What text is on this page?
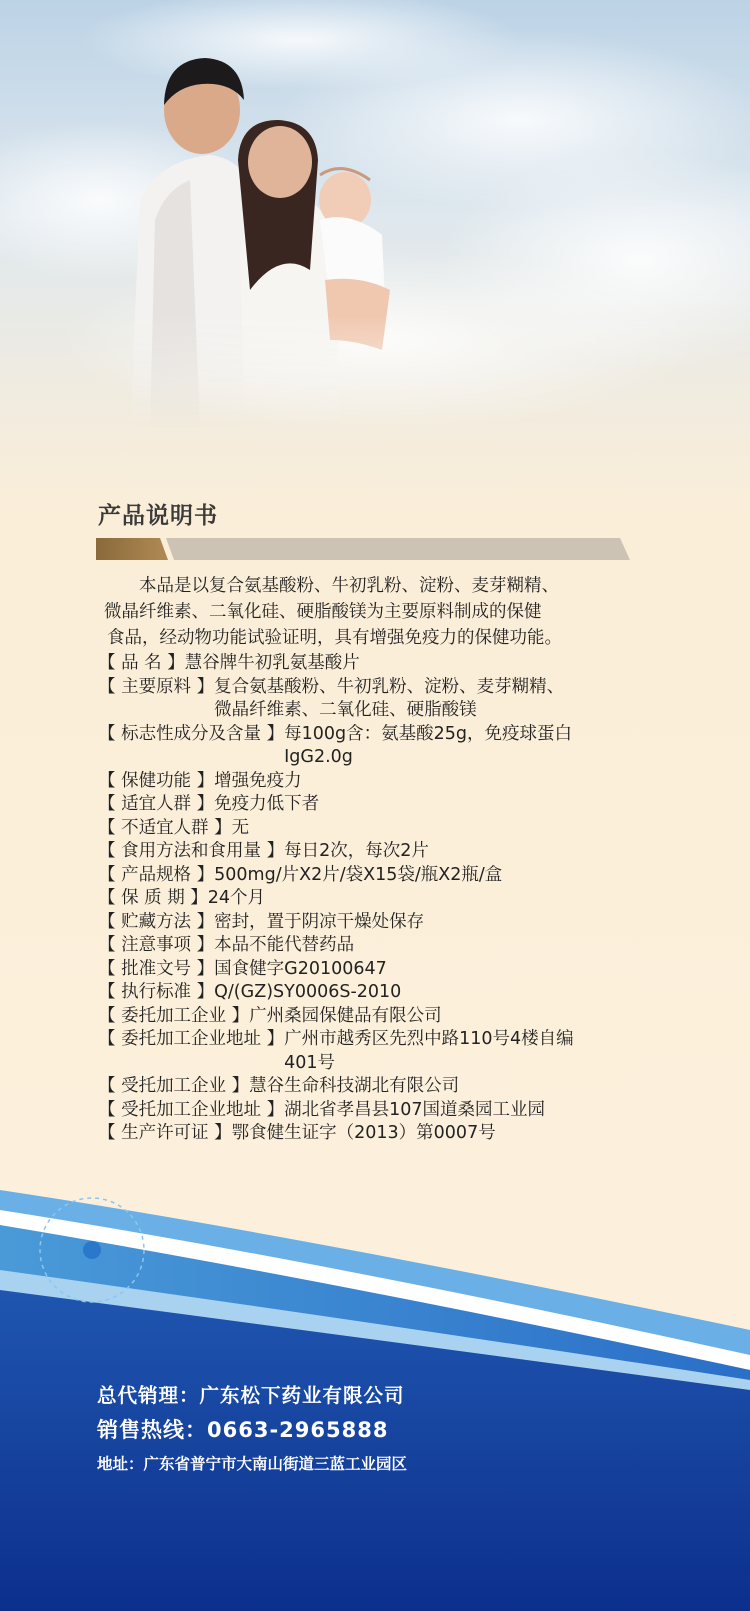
产品说明书

本品是以复合氨基酸粉、牛初乳粉、淀粉、麦芽糊精、

微晶纤维素、二氧化硅、硬脂酸镁为主要原料制成的保健

食品，经动物功能试验证明，具有增强免疫力的保健功能。

【 品 名 】 慧谷牌牛初乳氨基酸片
【 主要原料 】 复合氨基酸粉、牛初乳粉、淀粉、麦芽糊精、
微晶纤维素、二氧化硅、硬脂酸镁
【 标志性成分及含量 】 每100g含：氨基酸25g，免疫球蛋白
IgG2.0g
【 保健功能 】 增强免疫力
【 适宜人群 】 免疫力低下者
【 不适宜人群 】 无
【 食用方法和食用量 】 每日2次，每次2片
【 产品规格 】 500mg/片X2片/袋X15袋/瓶X2瓶/盒
【 保 质 期 】 24个月
【 贮藏方法 】 密封，置于阴凉干燥处保存
【 注意事项 】 本品不能代替药品
【 批准文号 】 国食健字G20100647
【 执行标准 】 Q/(GZ)SY0006S-2010
【 委托加工企业 】 广州桑园保健品有限公司
【 委托加工企业地址 】 广州市越秀区先烈中路110号4楼自编
401号
【 受托加工企业 】 慧谷生命科技湖北有限公司
【 受托加工企业地址 】 湖北省孝昌县107国道桑园工业园
【 生产许可证 】 鄂食健生证字（2013）第0007号
总代销理：广东松下药业有限公司
销售热线：0663-2965888
地址：广东省普宁市大南山街道三蓝工业园区
